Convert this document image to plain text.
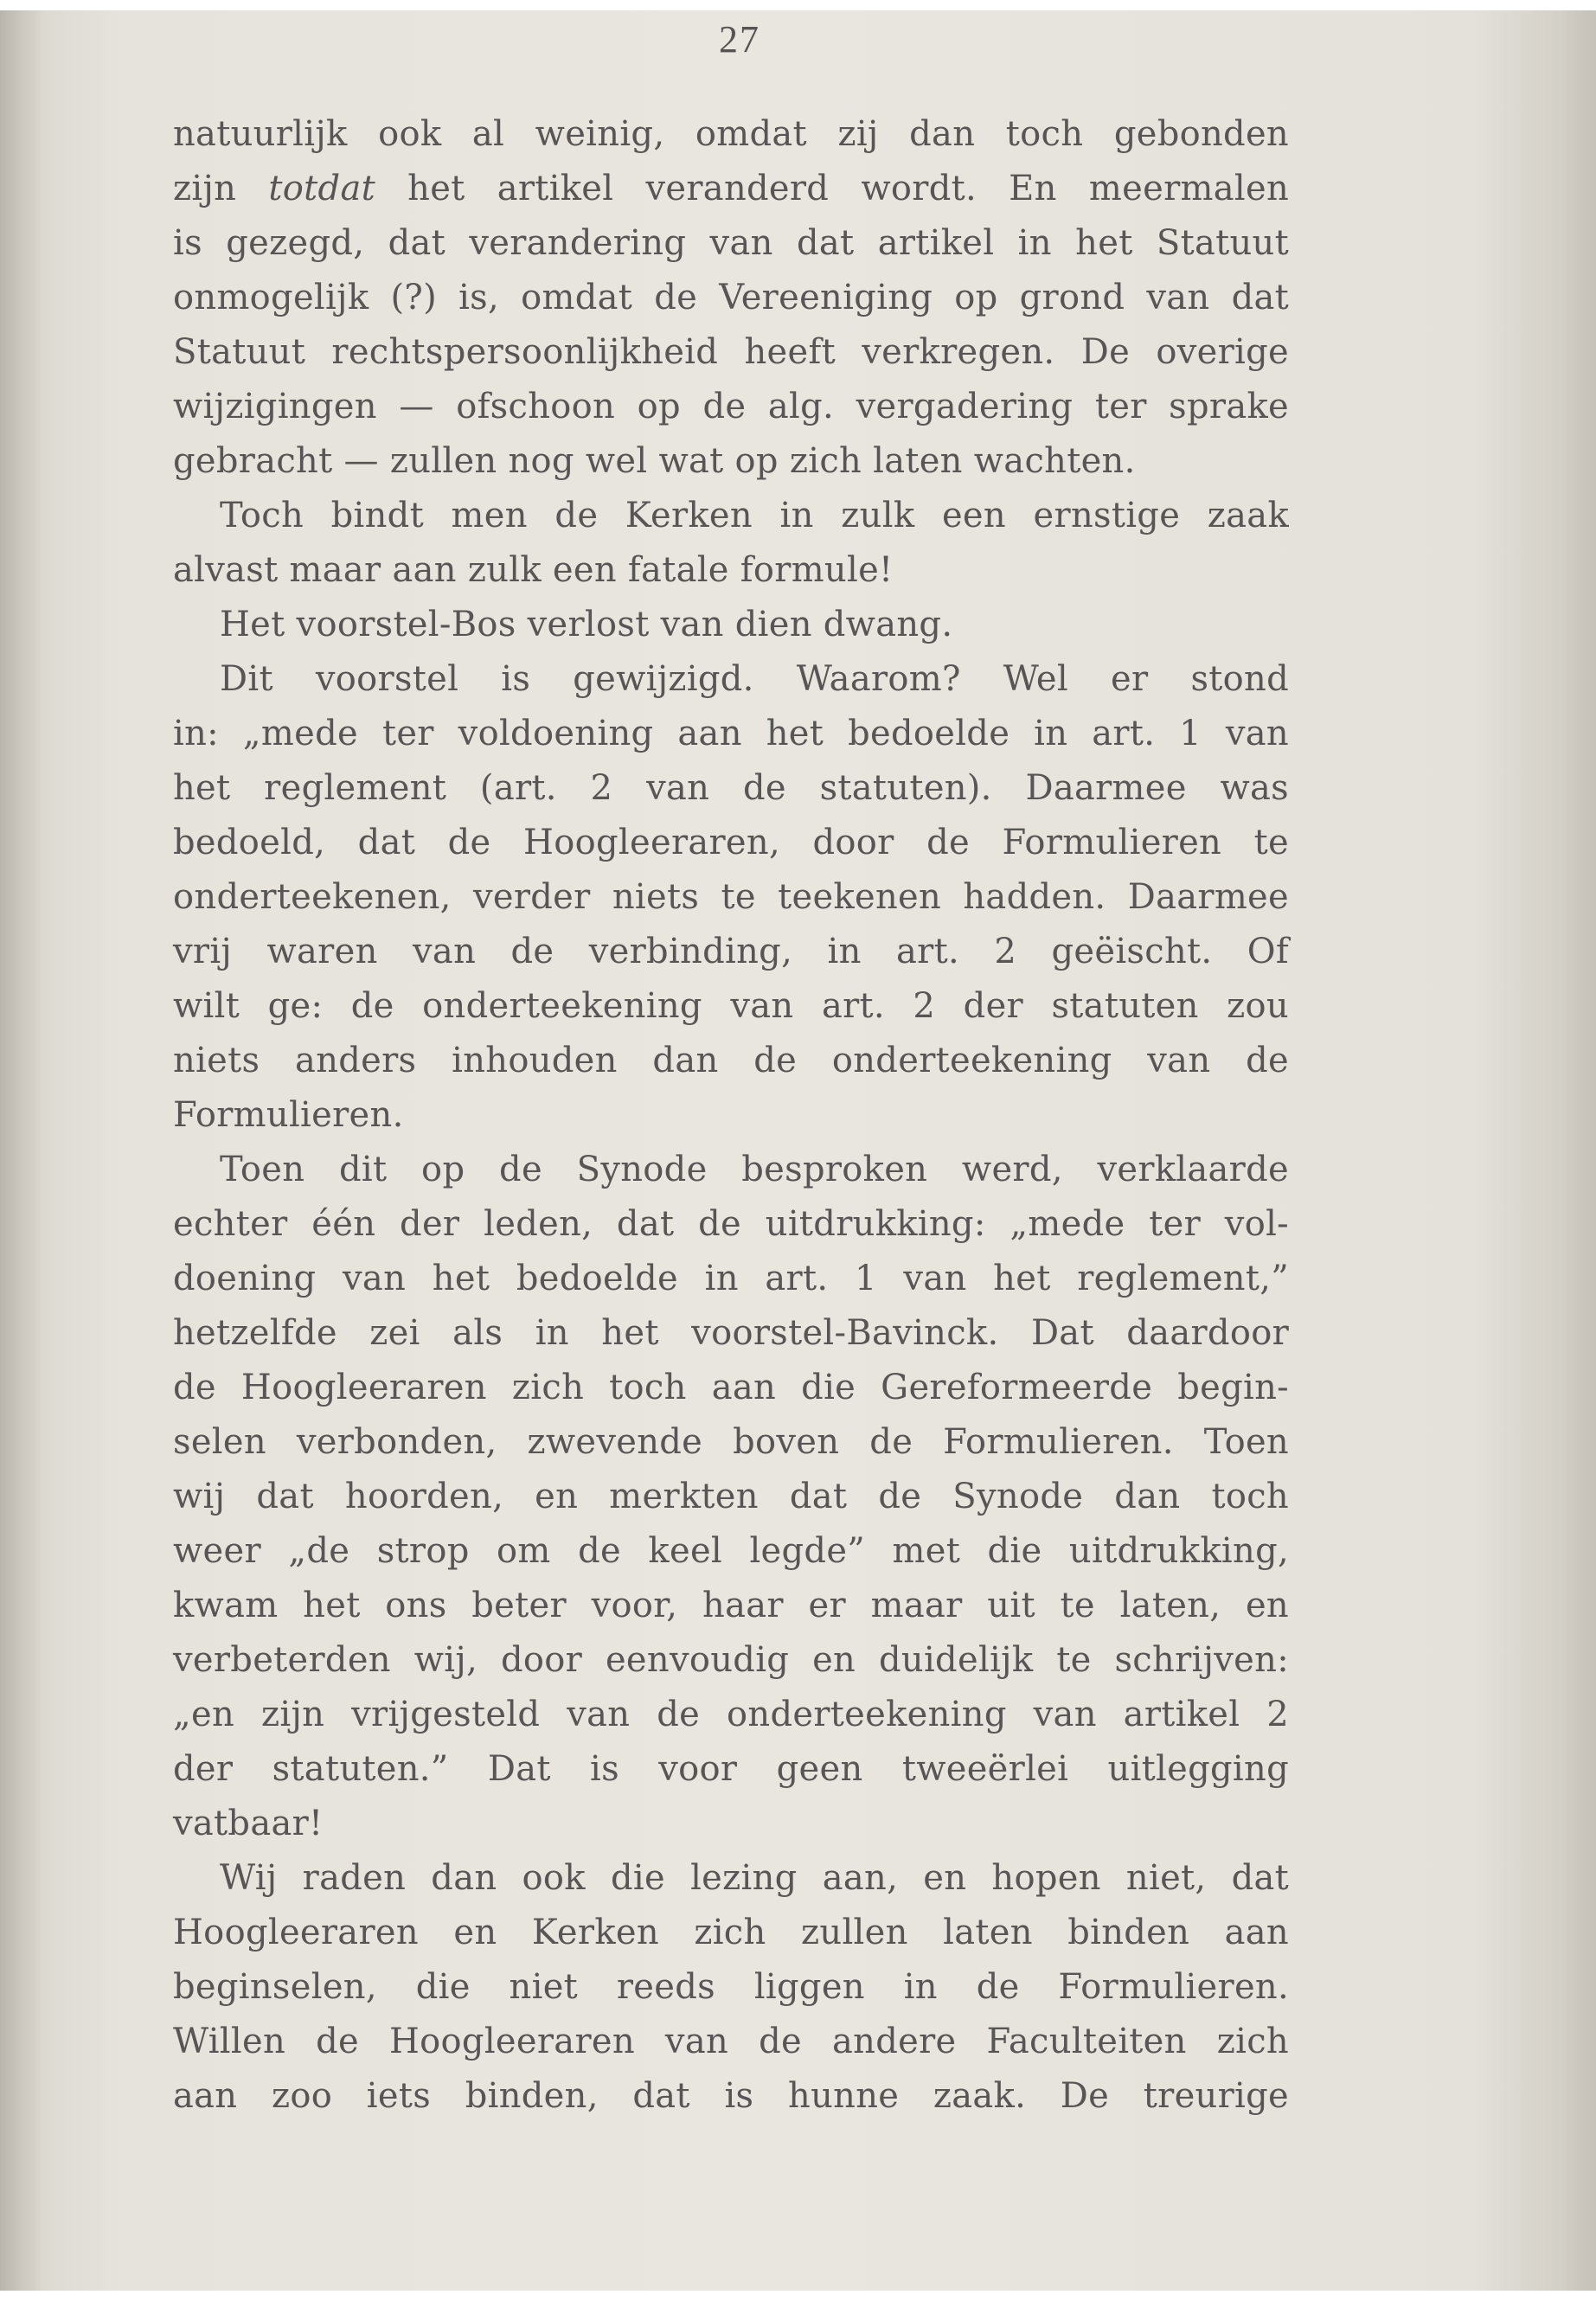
27
natuurlijk ook al weinig, omdat zij dan toch gebonden
zijn totdat het artikel veranderd wordt. En meermalen
is gezegd, dat verandering van dat artikel in het Statuut
onmogelijk (?) is, omdat de Vereeniging op grond van dat
Statuut rechtspersoonlijkheid heeft verkregen. De overige
wijzigingen — ofschoon op de alg. vergadering ter sprake
gebracht — zullen nog wel wat op zich laten wachten.
Toch bindt men de Kerken in zulk een ernstige zaak
alvast maar aan zulk een fatale formule!
Het voorstel-Bos verlost van dien dwang.
Dit voorstel is gewijzigd. Waarom? Wel er stond
in: „mede ter voldoening aan het bedoelde in art. 1 van
het reglement (art. 2 van de statuten). Daarmee was
bedoeld, dat de Hoogleeraren, door de Formulieren te
onderteekenen, verder niets te teekenen hadden. Daarmee
vrij waren van de verbinding, in art. 2 geëischt. Of
wilt ge: de onderteekening van art. 2 der statuten zou
niets anders inhouden dan de onderteekening van de
Formulieren.
Toen dit op de Synode besproken werd, verklaarde
echter één der leden, dat de uitdrukking: „mede ter vol-
doening van het bedoelde in art. 1 van het reglement,”
hetzelfde zei als in het voorstel-Bavinck. Dat daardoor
de Hoogleeraren zich toch aan die Gereformeerde begin-
selen verbonden, zwevende boven de Formulieren. Toen
wij dat hoorden, en merkten dat de Synode dan toch
weer „de strop om de keel legde” met die uitdrukking,
kwam het ons beter voor, haar er maar uit te laten, en
verbeterden wij, door eenvoudig en duidelijk te schrijven:
„en zijn vrijgesteld van de onderteekening van artikel 2
der statuten.” Dat is voor geen tweeërlei uitlegging
vatbaar!
Wij raden dan ook die lezing aan, en hopen niet, dat
Hoogleeraren en Kerken zich zullen laten binden aan
beginselen, die niet reeds liggen in de Formulieren.
Willen de Hoogleeraren van de andere Faculteiten zich
aan zoo iets binden, dat is hunne zaak. De treurige
